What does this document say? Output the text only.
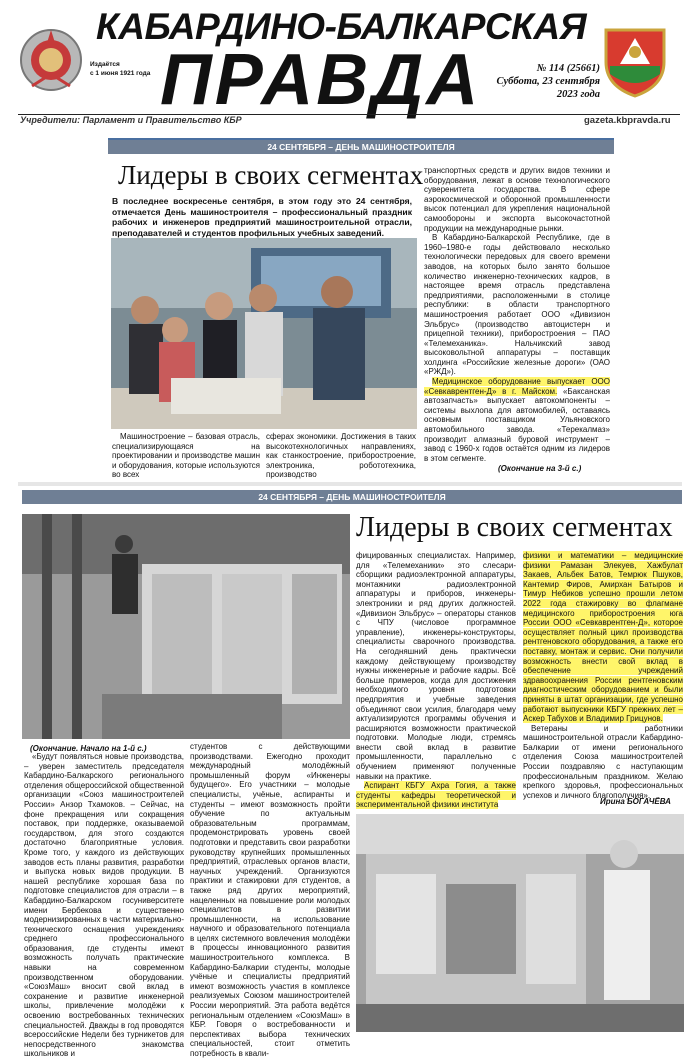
Издаётся
с 1 июня 1921 года
КАБАРДИНО-БАЛКАРСКАЯ
ПРАВДА	№ 114 (25661)
Суббота, 23 сентября
2023 года
Учредители: Парламент и Правительство КБР	gazeta.kbpravda.ru
24 СЕНТЯБРЯ – ДЕНЬ МАШИНОСТРОИТЕЛЯ
Лидеры в своих сегментах
В последнее воскресенье сентября, в этом году это 24 сентября, отмечается День машиностроителя – профессиональный праздник рабочих и инженеров предприятий машиностроительной отрасли, преподавателей и студентов профильных учебных заведений.

Машиностроение – базовая отрасль, специализирующаяся на проектировании и производстве машин и оборудования, которые используются во всех

сферах экономики. Достижения в таких высокотехнологичных направлениях, как станкостроение, приборостроение, электроника, робототехника, производство

транспортных средств и других видов техники и оборудования, лежат в основе технологического суверенитета государства. В сфере аэрокосмической и оборонной промышленности высок потенциал для укрепления национальной самообороны и экспорта высокочастотной продукции на международные рынки.

В Кабардино-Балкарской Республике, где в 1960–1980-е годы действовало несколько технологически передовых для своего времени заводов, на которых было занято большое количество инженерно-технических кадров, в настоящее время отрасль представлена предприятиями, расположенными в столице республики: в области транспортного машиностроения работает ООО «Дивизион Эльбрус» (производство автоцистерн и прицепной техники), приборостроения – ПАО «Телемеханика». Нальчикский завод высоковольтной аппаратуры – поставщик холдинга «Российские железные дороги» (ОАО «РЖД»).

Медицинское оборудование выпускает ООО «Севкаврентген-Д» в г. Майском. «Баксанская автозапчасть» выпускает автокомпоненты – системы выхлопа для автомобилей, оставаясь основным поставщиком Ульяновского автомобильного завода. «Терекалмаз» производит алмазный буровой инструмент – завод с 1960-х годов остаётся одним из лидеров в этом сегменте.

(Окончание на 3-й с.)
24 СЕНТЯБРЯ – ДЕНЬ МАШИНОСТРОИТЕЛЯ
Лидеры в своих сегментах
(Окончание. Начало на 1-й с.)

«Будут появляться новые производства, – уверен заместитель председателя Кабардино-Балкарского регионального отделения общероссийской общественной организации «Союз машиностроителей России» Анзор Тхамоков. – Сейчас, на фоне прекращения или сокращения поставок, при поддержке, оказываемой государством, для этого создаются достаточно благоприятные условия. Кроме того, у каждого из действующих заводов есть планы развития, разработки и выпуска новых видов продукции. В нашей республике хорошая база по подготовке специалистов для отрасли – в Кабардино-Балкарском госуниверситете имени Бербекова и существенно модернизированных в части материально-технического оснащения учреждениях среднего профессионального образования, где студенты имеют возможность получать практические навыки на современном производственном оборудовании. «СоюзМаш» вносит свой вклад в сохранение и развитие инженерной школы, привлечение молодёжи к освоению востребованных технических специальностей. Дважды в год проводятся всероссийские Недели без турникетов для непосредственного знакомства школьников и

студентов с действующими производствами. Ежегодно проходит международный молодёжный промышленный форум «Инженеры будущего». Его участники – молодые специалисты, учёные, аспиранты и студенты – имеют возможность пройти обучение по актуальным образовательным программам, продемонстрировать уровень своей подготовки и представить свои разработки руководству крупнейших промышленных предприятий, отраслевых органов власти, научных учреждений. Организуются практики и стажировки для студентов, а также ряд других мероприятий, нацеленных на повышение роли молодых специалистов в развитии промышленности, на использование научного и образовательного потенциала в целях системного вовлечения молодёжи в процессы инновационного развития машиностроительного комплекса. В Кабардино-Балкарии студенты, молодые учёные и специалисты предприятий имеют возможность участия в комплексе реализуемых Союзом машиностроителей России мероприятий. Эта работа ведётся региональным отделением «СоюзМаш» в КБР. Говоря о востребованности и перспективах выбора технических специальностей, стоит отметить потребность в квали-

фицированных специалистах. Например, для «Телемеханики» это слесари-сборщики радиоэлектронной аппаратуры, монтажники радиоэлектронной аппаратуры и приборов, инженеры-электроники и ряд других должностей. «Дивизион Эльбрус» – операторы станков с ЧПУ (числовое программное управление), инженеры-конструкторы, специалисты сварочного производства. На сегодняшний день практически каждому действующему производству нужны инженерные и рабочие кадры. Всё больше примеров, когда для достижения необходимого уровня подготовки предприятия и учебные заведения объединяют свои усилия, благодаря чему актуализируются программы обучения и расширяются возможности практической подготовки. Молодые люди, стремясь внести свой вклад в развитие промышленности, параллельно с обучением применяют полученные навыки на практике.

Аспирант КБГУ Ахра Гогия, а также студенты кафедры теоретической и экспериментальной физики института

физики и математики – медицинские физики Рамазан Элекуев, Хажбулат Закаев, Альбек Батов, Темрюк Пшуков, Кантемир Фиров, Амирхан Батыров и Тимур Небиков успешно прошли летом 2022 года стажировку во флагмане медицинского приборостроения юга России ООО «Севкаврентген-Д», которое осуществляет полный цикл производства рентгеновского оборудования, а также его поставку, монтаж и сервис. Они получили возможность внести свой вклад в обеспечение учреждений здравоохранения России рентгеновским диагностическим оборудованием и были приняты в штат организации, где успешно работают выпускники КБГУ прежних лет – Аскер Табухов и Владимир Грицунов.

Ветераны и работники машиностроительной отрасли Кабардино-Балкарии от имени регионального отделения Союза машиностроителей России поздравляю с наступающим профессиональным праздником. Желаю крепкого здоровья, профессиональных успехов и личного благополучия».

Ирина БОГАЧЁВА
